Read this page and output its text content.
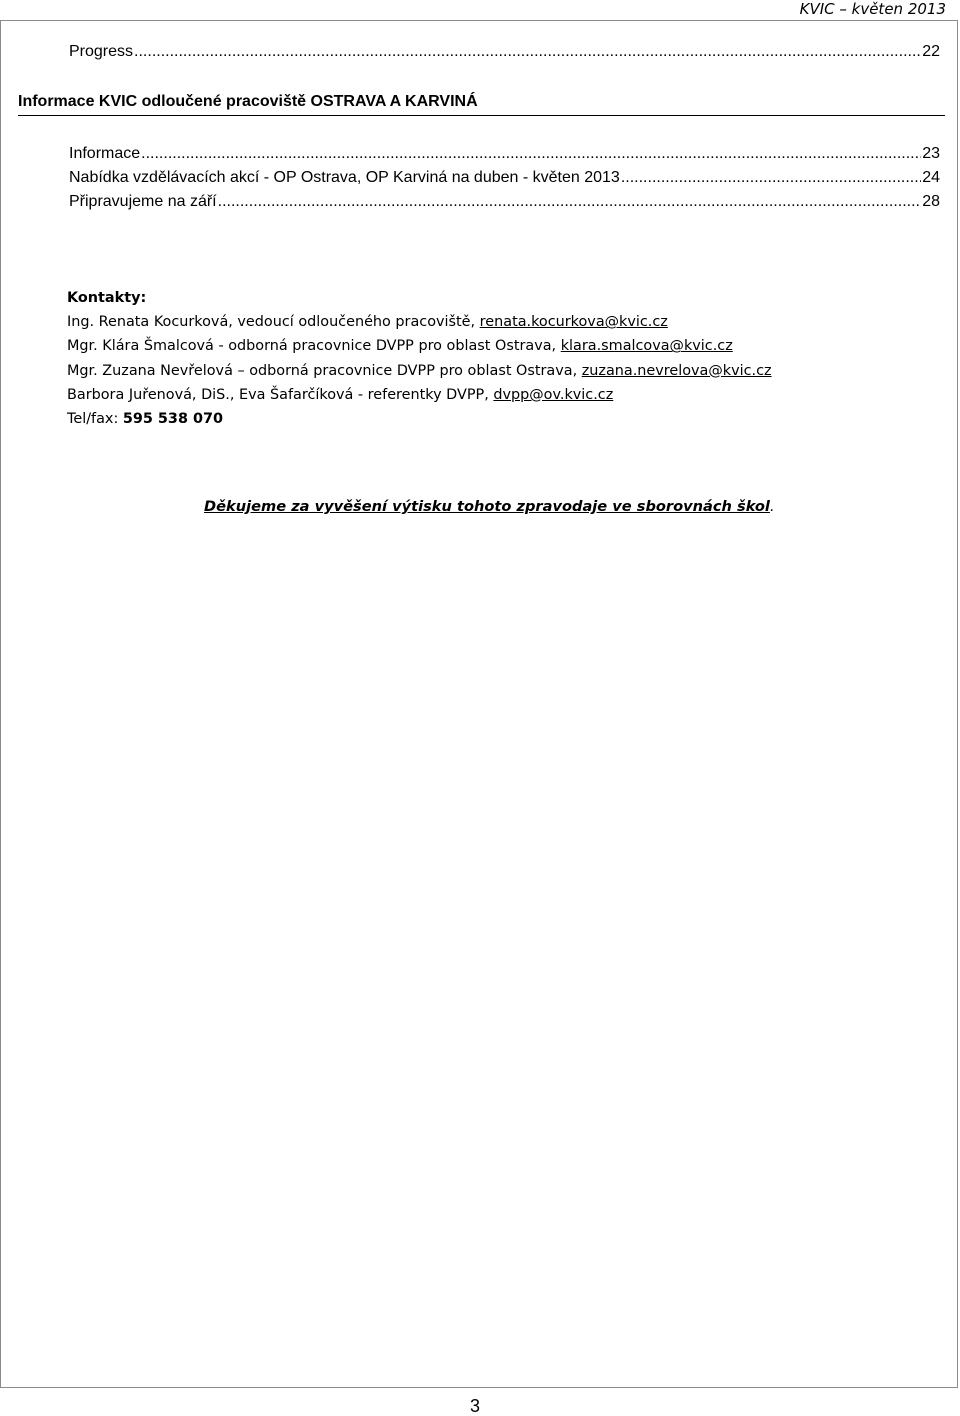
KVIC – květen 2013
Progress .....	22
Informace KVIC odloučené pracoviště OSTRAVA A KARVINÁ
Informace .....	23
Nabídka vzdělávacích akcí - OP Ostrava, OP Karviná na duben - květen 2013 .....	24
Připravujeme na září .....	28
Kontakty:
Ing. Renata Kocurková, vedoucí odloučeného pracoviště, renata.kocurkova@kvic.cz
Mgr. Klára Šmalcová - odborná pracovnice DVPP pro oblast Ostrava, klara.smalcova@kvic.cz
Mgr. Zuzana Nevřelová – odborná pracovnice DVPP pro oblast Ostrava, zuzana.nevrelova@kvic.cz
Barbora Juřenová, DiS., Eva Šafarčíková - referentky DVPP, dvpp@ov.kvic.cz
Tel/fax: 595 538 070
Děkujeme za vyvěšení výtisku tohoto zpravodaje ve sborovnách škol.
3
